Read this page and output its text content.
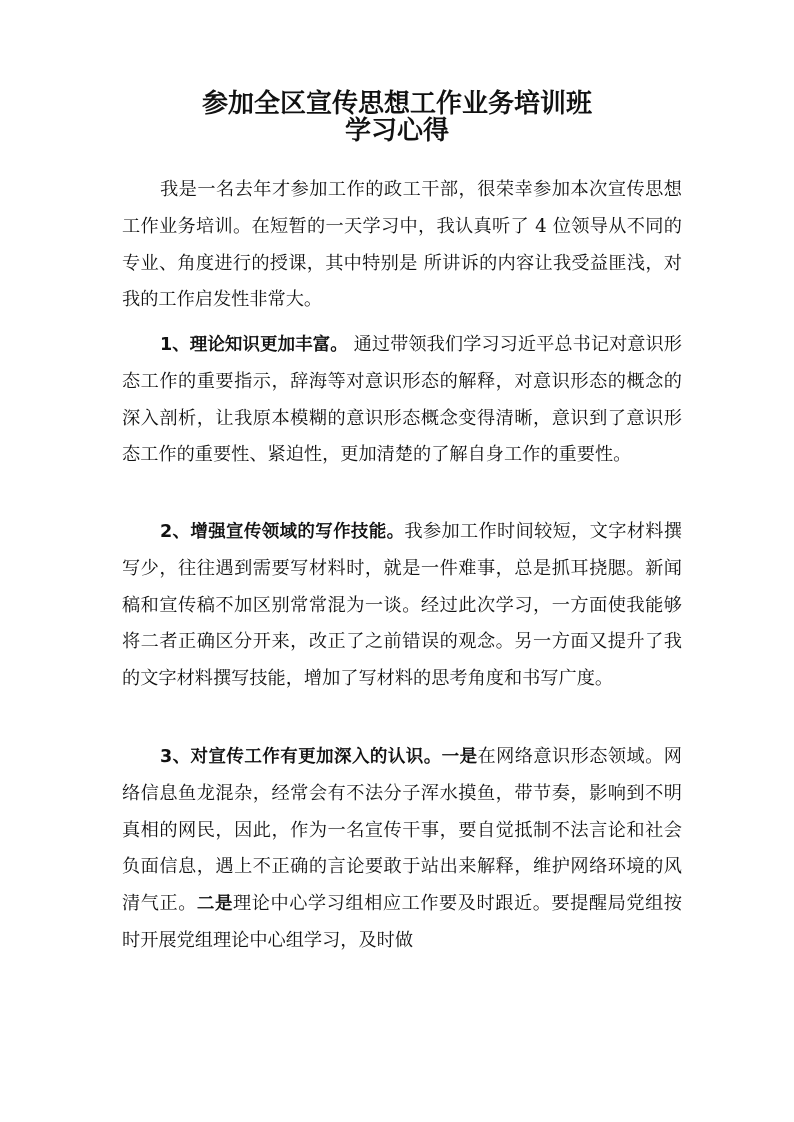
参加全区宣传思想工作业务培训班
学习心得

我是一名去年才参加工作的政工干部，很荣幸参加本次宣传思想工作业务培训。在短暂的一天学习中，我认真听了 4 位领导从不同的专业、角度进行的授课，其中特别是 所讲诉的内容让我受益匪浅，对我的工作启发性非常大。

1、理论知识更加丰富。 通过带领我们学习习近平总书记对意识形态工作的重要指示，辞海等对意识形态的解释，对意识形态的概念的深入剖析，让我原本模糊的意识形态概念变得清晰，意识到了意识形态工作的重要性、紧迫性，更加清楚的了解自身工作的重要性。

2、增强宣传领域的写作技能。我参加工作时间较短，文字材料撰写少，往往遇到需要写材料时，就是一件难事，总是抓耳挠腮。新闻稿和宣传稿不加区别常常混为一谈。经过此次学习，一方面使我能够将二者正确区分开来，改正了之前错误的观念。另一方面又提升了我的文字材料撰写技能，增加了写材料的思考角度和书写广度。

3、对宣传工作有更加深入的认识。一是在网络意识形态领域。网络信息鱼龙混杂，经常会有不法分子浑水摸鱼，带节奏，影响到不明真相的网民，因此，作为一名宣传干事，要自觉抵制不法言论和社会负面信息，遇上不正确的言论要敢于站出来解释，维护网络环境的风清气正。二是理论中心学习组相应工作要及时跟近。要提醒局党组按时开展党组理论中心组学习，及时做
